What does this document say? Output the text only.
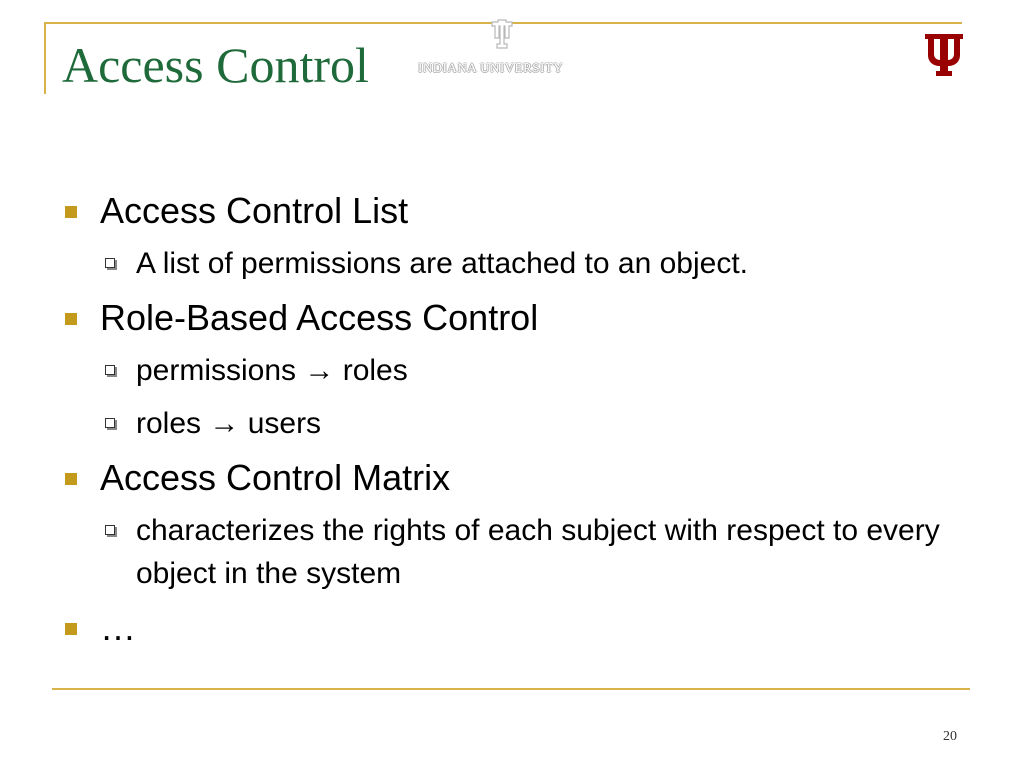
INDIANA UNIVERSITY
Access Control
Access Control List
A list of permissions are attached to an object.
Role-Based Access Control
permissions → roles
roles → users
Access Control Matrix
characterizes the rights of each subject with respect to every object in the system
…
20
